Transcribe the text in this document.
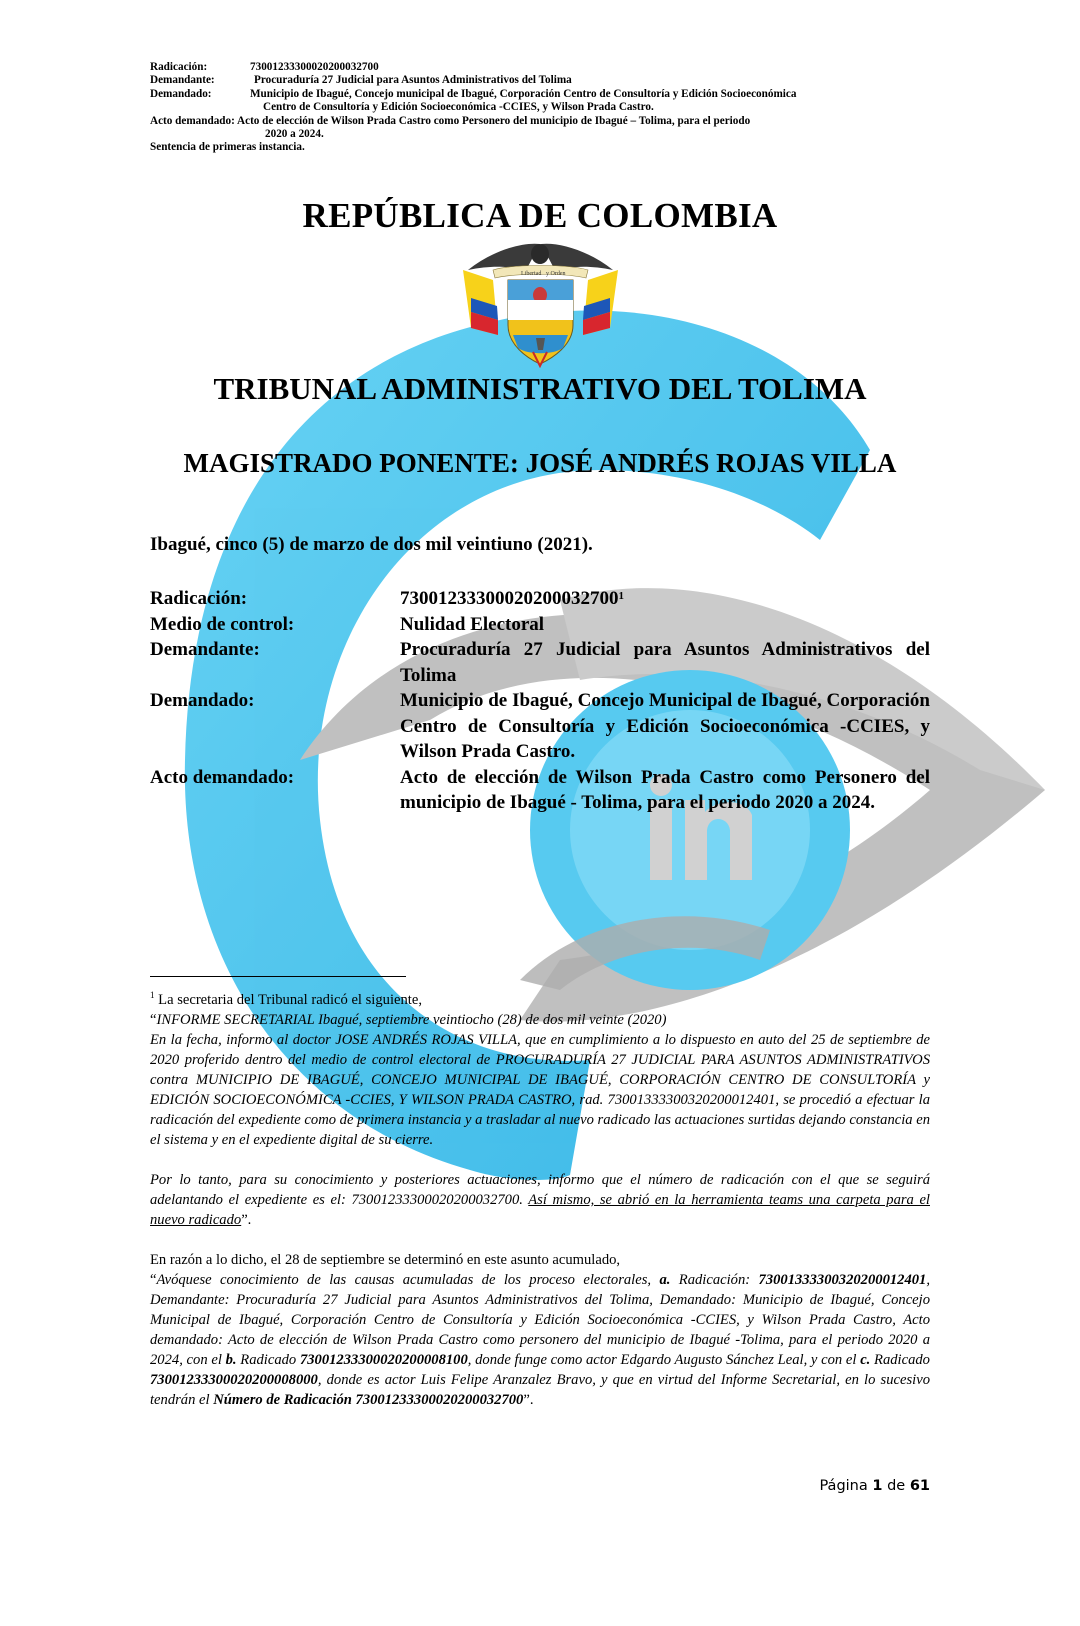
Radicación:	73001233300020200032700
Demandante:	Procuraduría 27 Judicial para Asuntos Administrativos del Tolima
Demandado:	Municipio de Ibagué, Concejo municipal de Ibagué, Corporación Centro de Consultoría y Edición Socioeconómica
Centro de Consultoría y Edición Socioeconómica -CCIES, y Wilson Prada Castro.
Acto demandado: Acto de elección de Wilson Prada Castro como Personero del municipio de Ibagué – Tolima, para el periodo
2020 a 2024.
Sentencia de primeras instancia.
REPÚBLICA DE COLOMBIA
Libertad y Orden
TRIBUNAL ADMINISTRATIVO DEL TOLIMA
MAGISTRADO PONENTE: JOSÉ ANDRÉS ROJAS VILLA
Ibagué, cinco (5) de marzo de dos mil veintiuno (2021).
Radicación:	73001233300020200032700$^1$
Medio de control:	Nulidad Electoral
Demandante:	Procuraduría 27 Judicial para Asuntos Administrativos del Tolima
Demandado:	Municipio de Ibagué, Concejo Municipal de Ibagué, Corporación Centro de Consultoría y Edición Socioeconómica -CCIES, y Wilson Prada Castro.
Acto demandado:	Acto de elección de Wilson Prada Castro como Personero del municipio de Ibagué - Tolima, para el periodo 2020 a 2024.

$^1$ La secretaria del Tribunal radicó el siguiente,

“INFORME SECRETARIAL Ibagué, septiembre veintiocho (28) de dos mil veinte (2020)

En la fecha, informo al doctor JOSE ANDRÉS ROJAS VILLA, que en cumplimiento a lo dispuesto en auto del 25 de septiembre de 2020 proferido dentro del medio de control electoral de PROCURADURÍA 27 JUDICIAL PARA ASUNTOS ADMINISTRATIVOS contra MUNICIPIO DE IBAGUÉ, CONCEJO MUNICIPAL DE IBAGUÉ, CORPORACIÓN CENTRO DE CONSULTORÍA y EDICIÓN SOCIOECONÓMICA -CCIES, Y WILSON PRADA CASTRO, rad. 73001333300320200012401, se procedió a efectuar la radicación del expediente como de primera instancia y a trasladar al nuevo radicado las actuaciones surtidas dejando constancia en el sistema y en el expediente digital de su cierre.

Por lo tanto, para su conocimiento y posteriores actuaciones, informo que el número de radicación con el que se seguirá adelantando el expediente es el: 73001233300020200032700. Así mismo, se abrió en la herramienta teams una carpeta para el nuevo radicado”.

En razón a lo dicho, el 28 de septiembre se determinó en este asunto acumulado,

“Avóquese conocimiento de las causas acumuladas de los proceso electorales, a. Radicación: 73001333300320200012401, Demandante: Procuraduría 27 Judicial para Asuntos Administrativos del Tolima, Demandado: Municipio de Ibagué, Concejo Municipal de Ibagué, Corporación Centro de Consultoría y Edición Socioeconómica -CCIES, y Wilson Prada Castro, Acto demandado: Acto de elección de Wilson Prada Castro como personero del municipio de Ibagué -Tolima, para el periodo 2020 a 2024, con el b. Radicado 73001233300020200008100, donde funge como actor Edgardo Augusto Sánchez Leal, y con el c. Radicado 73001233300020200008000, donde es actor Luis Felipe Aranzalez Bravo, y que en virtud del Informe Secretarial, en lo sucesivo tendrán el Número de Radicación 73001233300020200032700”.

Página 1 de 61
